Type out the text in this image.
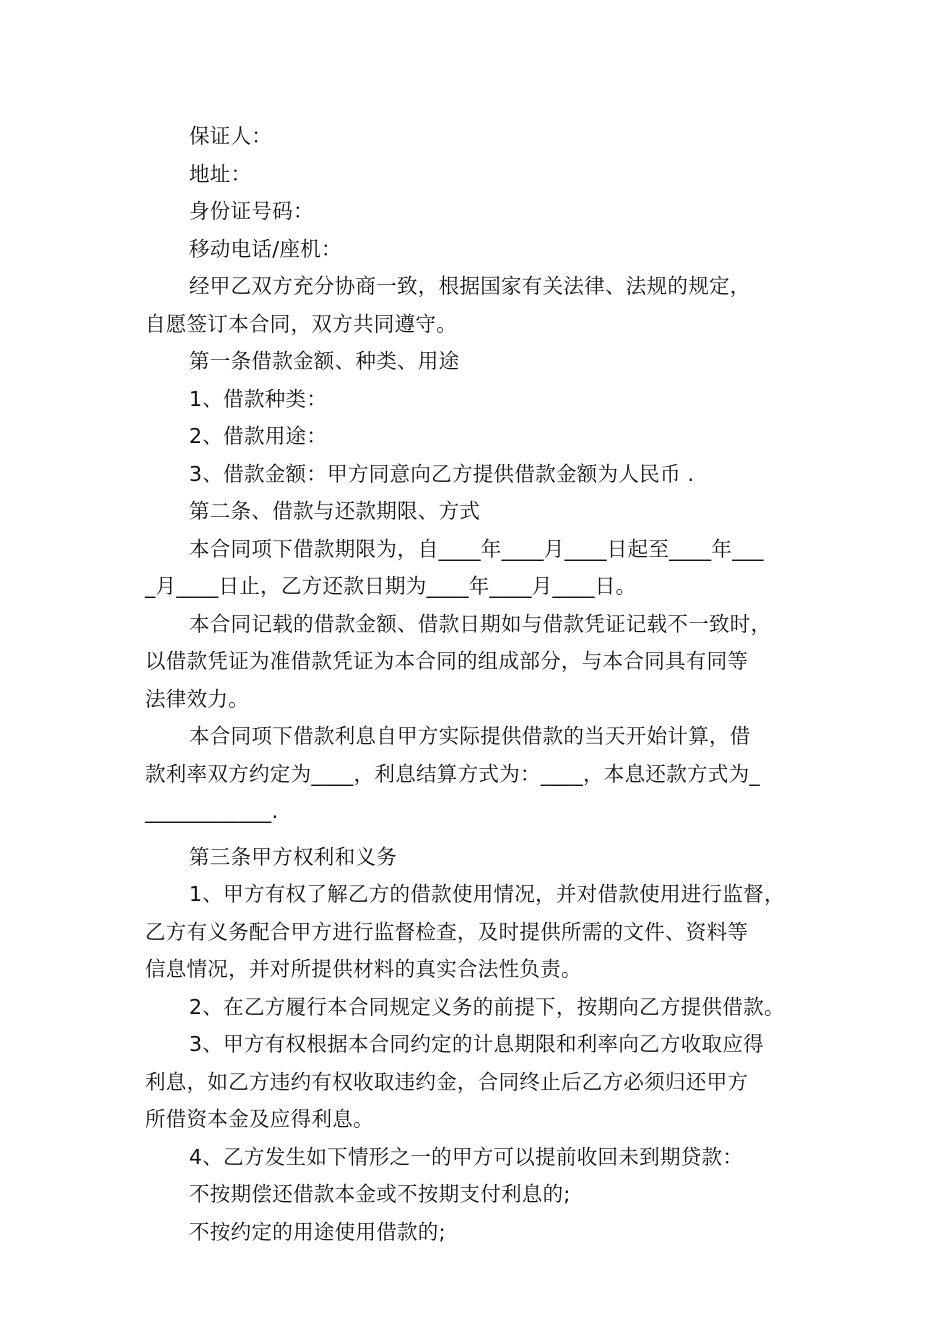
保证人：
地址：
身份证号码：
移动电话/座机：
经甲乙双方充分协商一致，根据国家有关法律、法规的规定，
自愿签订本合同，双方共同遵守。
第一条借款金额、种类、用途
1、借款种类：
2、借款用途：
3、借款金额：甲方同意向乙方提供借款金额为人民币 .
第二条、借款与还款期限、方式
本合同项下借款期限为，自____年____月____日起至____年___
_月____日止，乙方还款日期为____年____月____日。
本合同记载的借款金额、借款日期如与借款凭证记载不一致时，
以借款凭证为准借款凭证为本合同的组成部分，与本合同具有同等
法律效力。
本合同项下借款利息自甲方实际提供借款的当天开始计算，借
款利率双方约定为____，利息结算方式为：____，本息还款方式为_
____________.
第三条甲方权利和义务
1、甲方有权了解乙方的借款使用情况，并对借款使用进行监督，
乙方有义务配合甲方进行监督检查，及时提供所需的文件、资料等
信息情况，并对所提供材料的真实合法性负责。
2、在乙方履行本合同规定义务的前提下，按期向乙方提供借款。
3、甲方有权根据本合同约定的计息期限和利率向乙方收取应得
利息，如乙方违约有权收取违约金，合同终止后乙方必须归还甲方
所借资本金及应得利息。
4、乙方发生如下情形之一的甲方可以提前收回未到期贷款：
不按期偿还借款本金或不按期支付利息的;
不按约定的用途使用借款的;
